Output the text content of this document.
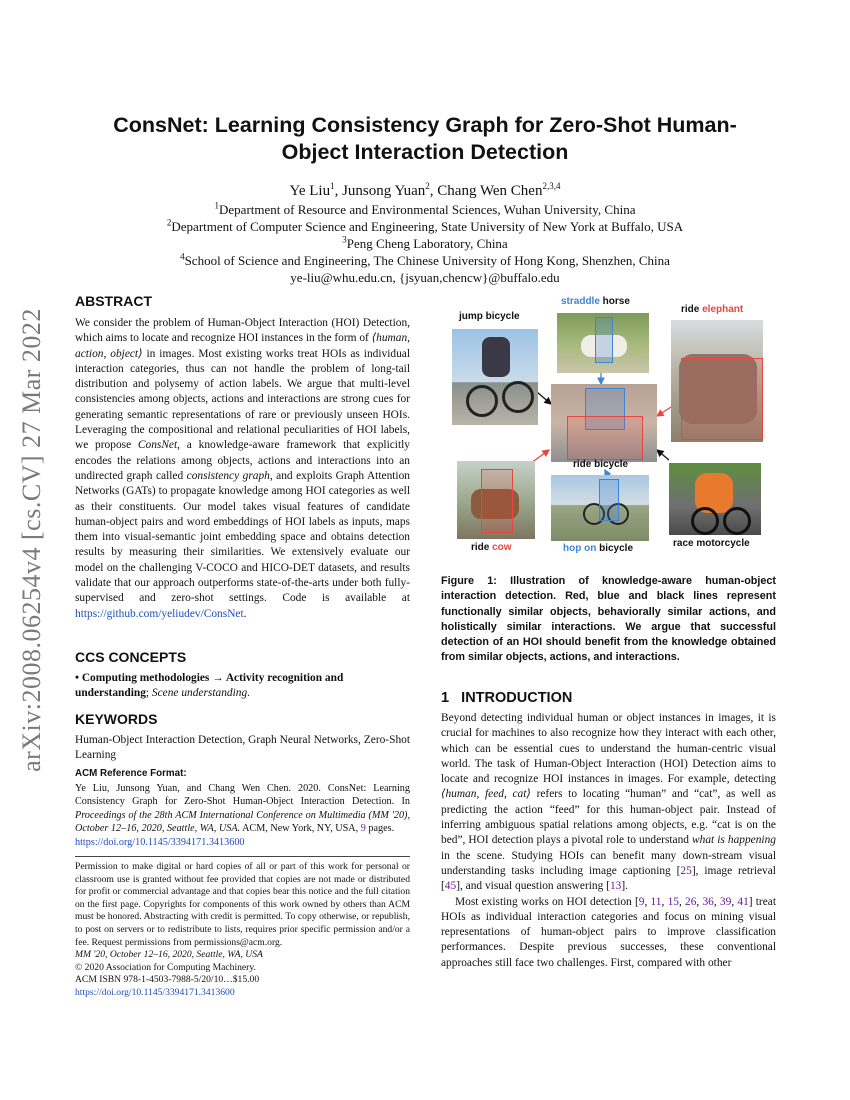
arXiv:2008.06254v4 [cs.CV] 27 Mar 2022
ConsNet: Learning Consistency Graph for Zero-Shot Human-Object Interaction Detection
Ye Liu$^1$, Junsong Yuan$^2$, Chang Wen Chen$^{2,3,4}$
$^1$Department of Resource and Environmental Sciences, Wuhan University, China
$^2$Department of Computer Science and Engineering, State University of New York at Buffalo, USA
$^3$Peng Cheng Laboratory, China
$^4$School of Science and Engineering, The Chinese University of Hong Kong, Shenzhen, China
ye-liu@whu.edu.cn, {jsyuan,chencw}@buffalo.edu
ABSTRACT

We consider the problem of Human-Object Interaction (HOI) Detection, which aims to locate and recognize HOI instances in the form of ⟨human, action, object⟩ in images. Most existing works treat HOIs as individual interaction categories, thus can not handle the problem of long-tail distribution and polysemy of action labels. We argue that multi-level consistencies among objects, actions and interactions are strong cues for generating semantic representations of rare or previously unseen HOIs. Leveraging the compositional and relational peculiarities of HOI labels, we propose ConsNet, a knowledge-aware framework that explicitly encodes the relations among objects, actions and interactions into an undirected graph called consistency graph, and exploits Graph Attention Networks (GATs) to propagate knowledge among HOI categories as well as their constituents. Our model takes visual features of candidate human-object pairs and word embeddings of HOI labels as inputs, maps them into visual-semantic joint embedding space and obtains detection results by measuring their similarities. We extensively evaluate our model on the challenging V-COCO and HICO-DET datasets, and results validate that our approach outperforms state-of-the-arts under both fully-supervised and zero-shot settings. Code is available at https://github.com/yeliudev/ConsNet.

CCS CONCEPTS

• Computing methodologies → Activity recognition and understanding; Scene understanding.

KEYWORDS

Human-Object Interaction Detection, Graph Neural Networks, Zero-Shot Learning

ACM Reference Format:

Ye Liu, Junsong Yuan, and Chang Wen Chen. 2020. ConsNet: Learning Consistency Graph for Zero-Shot Human-Object Interaction Detection. In Proceedings of the 28th ACM International Conference on Multimedia (MM '20), October 12–16, 2020, Seattle, WA, USA. ACM, New York, NY, USA, 9 pages.
https://doi.org/10.1145/3394171.3413600

Permission to make digital or hard copies of all or part of this work for personal or classroom use is granted without fee provided that copies are not made or distributed for profit or commercial advantage and that copies bear this notice and the full citation on the first page. Copyrights for components of this work owned by others than ACM must be honored. Abstracting with credit is permitted. To copy otherwise, or republish, to post on servers or to redistribute to lists, requires prior specific permission and/or a fee. Request permissions from permissions@acm.org.

MM '20, October 12–16, 2020, Seattle, WA, USA
© 2020 Association for Computing Machinery.
ACM ISBN 978-1-4503-7988-5/20/10…$15.00
https://doi.org/10.1145/3394171.3413600
jump bicycle
straddle horse
ride elephant
ride bicycle
ride cow	hop on bicycle	race motorcycle

Figure 1: Illustration of knowledge-aware human-object interaction detection. Red, blue and black lines represent functionally similar objects, behaviorally similar actions, and holistically similar interactions. We argue that successful detection of an HOI should benefit from the knowledge obtained from similar objects, actions, and interactions.

1 INTRODUCTION

Beyond detecting individual human or object instances in images, it is crucial for machines to also recognize how they interact with each other, which can be essential cues to understand the human-centric visual world. The task of Human-Object Interaction (HOI) Detection aims to locate and recognize HOI instances in images. For example, detecting ⟨human, feed, cat⟩ refers to locating “human” and “cat”, as well as predicting the action “feed” for this human-object pair. Instead of inferring ambiguous spatial relations among objects, e.g. “cat is on the bed”, HOI detection plays a pivotal role to understand what is happening in the scene. Studying HOIs can benefit many down-stream visual understanding tasks including image captioning [25], image retrieval [45], and visual question answering [13].

Most existing works on HOI detection [9, 11, 15, 26, 36, 39, 41] treat HOIs as individual interaction categories and focus on mining visual representations of human-object pairs to improve classification performances. Despite previous successes, these conventional approaches still face two challenges. First, compared with other
